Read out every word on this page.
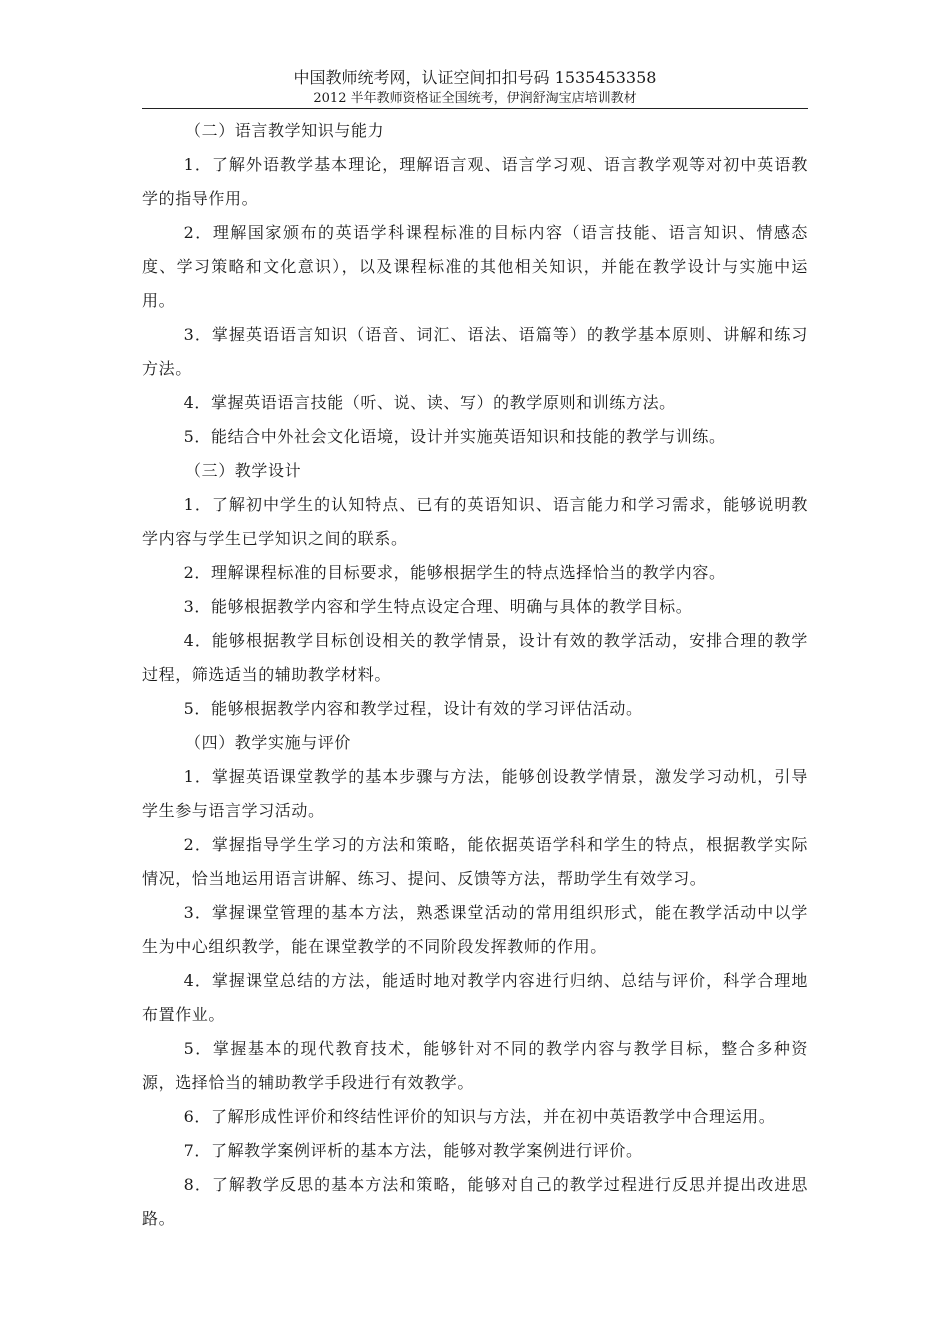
中国教师统考网，认证空间扣扣号码 1535453358
2012 半年教师资格证全国统考，伊润舒淘宝店培训教材

（二）语言教学知识与能力

1．了解外语教学基本理论，理解语言观、语言学习观、语言教学观等对初中英语教学的指导作用。

2．理解国家颁布的英语学科课程标准的目标内容（语言技能、语言知识、情感态度、学习策略和文化意识），以及课程标准的其他相关知识，并能在教学设计与实施中运用。

3．掌握英语语言知识（语音、词汇、语法、语篇等）的教学基本原则、讲解和练习方法。

4．掌握英语语言技能（听、说、读、写）的教学原则和训练方法。

5．能结合中外社会文化语境，设计并实施英语知识和技能的教学与训练。

（三）教学设计

1．了解初中学生的认知特点、已有的英语知识、语言能力和学习需求，能够说明教学内容与学生已学知识之间的联系。

2．理解课程标准的目标要求，能够根据学生的特点选择恰当的教学内容。

3．能够根据教学内容和学生特点设定合理、明确与具体的教学目标。

4．能够根据教学目标创设相关的教学情景，设计有效的教学活动，安排合理的教学过程，筛选适当的辅助教学材料。

5．能够根据教学内容和教学过程，设计有效的学习评估活动。

（四）教学实施与评价

1．掌握英语课堂教学的基本步骤与方法，能够创设教学情景，激发学习动机，引导学生参与语言学习活动。

2．掌握指导学生学习的方法和策略，能依据英语学科和学生的特点，根据教学实际情况，恰当地运用语言讲解、练习、提问、反馈等方法，帮助学生有效学习。

3．掌握课堂管理的基本方法，熟悉课堂活动的常用组织形式，能在教学活动中以学生为中心组织教学，能在课堂教学的不同阶段发挥教师的作用。

4．掌握课堂总结的方法，能适时地对教学内容进行归纳、总结与评价，科学合理地布置作业。

5．掌握基本的现代教育技术，能够针对不同的教学内容与教学目标，整合多种资源，选择恰当的辅助教学手段进行有效教学。

6．了解形成性评价和终结性评价的知识与方法，并在初中英语教学中合理运用。

7．了解教学案例评析的基本方法，能够对教学案例进行评价。

8．了解教学反思的基本方法和策略，能够对自己的教学过程进行反思并提出改进思路。
